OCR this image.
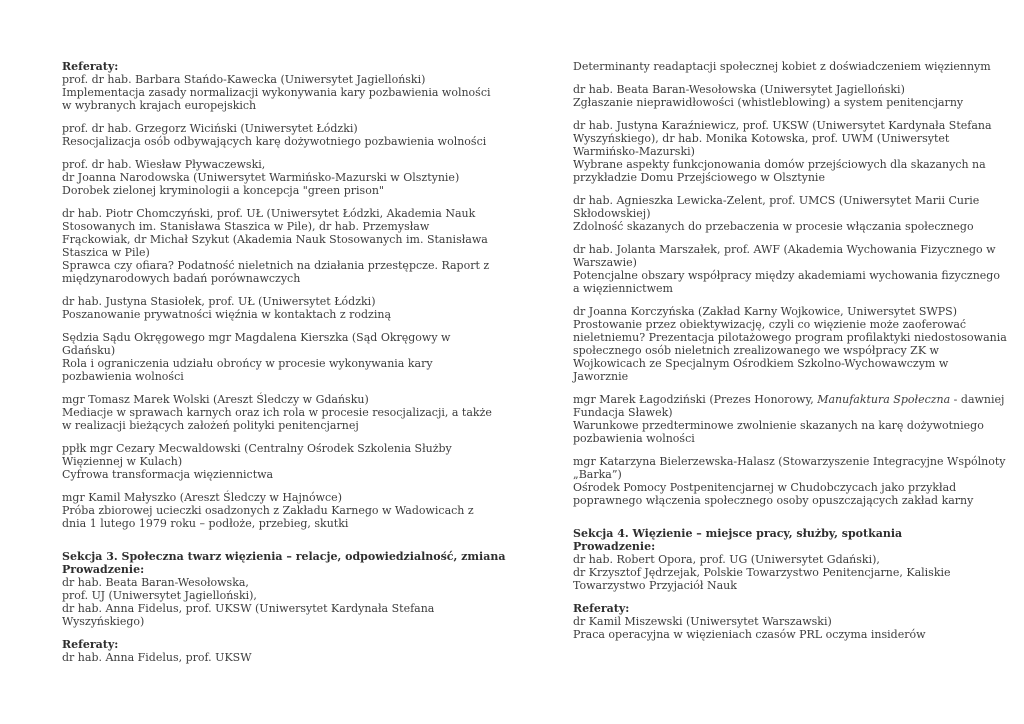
Referaty:
prof. dr hab. Barbara Stańdo-Kawecka (Uniwersytet Jagielloński)
Implementacja zasady normalizacji wykonywania kary pozbawienia wolności
w wybranych krajach europejskich
prof. dr hab. Grzegorz Wiciński (Uniwersytet Łódzki)
Resocjalizacja osób odbywających karę dożywotniego pozbawienia wolności
prof. dr hab. Wiesław Pływaczewski,
dr Joanna Narodowska (Uniwersytet Warmińsko-Mazurski w Olsztynie)
Dorobek zielonej kryminologii a koncepcja "green prison"
dr hab. Piotr Chomczyński, prof. UŁ (Uniwersytet Łódzki, Akademia Nauk
Stosowanych im. Stanisława Staszica w Pile), dr hab. Przemysław
Frąckowiak, dr Michał Szykut (Akademia Nauk Stosowanych im. Stanisława
Staszica w Pile)
Sprawca czy ofiara? Podatność nieletnich na działania przestępcze. Raport z
międzynarodowych badań porównawczych
dr hab. Justyna Stasiołek, prof. UŁ (Uniwersytet Łódzki)
Poszanowanie prywatności więźnia w kontaktach z rodziną
Sędzia Sądu Okręgowego mgr Magdalena Kierszka (Sąd Okręgowy w
Gdańsku)
Rola i ograniczenia udziału obrońcy w procesie wykonywania kary
pozbawienia wolności
mgr Tomasz Marek Wolski (Areszt Śledczy w Gdańsku)
Mediacje w sprawach karnych oraz ich rola w procesie resocjalizacji, a także
w realizacji bieżących założeń polityki penitencjarnej
ppłk mgr Cezary Mecwaldowski (Centralny Ośrodek Szkolenia Służby
Więziennej w Kulach)
Cyfrowa transformacja więziennictwa
mgr Kamil Małyszko (Areszt Śledczy w Hajnówce)
Próba zbiorowej ucieczki osadzonych z Zakładu Karnego w Wadowicach z
dnia 1 lutego 1979 roku – podłoże, przebieg, skutki
Sekcja 3. Społeczna twarz więzienia – relacje, odpowiedzialność, zmiana
Prowadzenie:
dr hab. Beata Baran-Wesołowska,
prof. UJ (Uniwersytet Jagielloński),
dr hab. Anna Fidelus, prof. UKSW (Uniwersytet Kardynała Stefana
Wyszyńskiego)
Referaty:
dr hab. Anna Fidelus, prof. UKSW
Determinanty readaptacji społecznej kobiet z doświadczeniem więziennym
dr hab. Beata Baran-Wesołowska (Uniwersytet Jagielloński)
Zgłaszanie nieprawidłowości (whistleblowing) a system penitencjarny
dr hab. Justyna Karaźniewicz, prof. UKSW (Uniwersytet Kardynała Stefana
Wyszyńskiego), dr hab. Monika Kotowska, prof. UWM (Uniwersytet
Warmińsko-Mazurski)
Wybrane aspekty funkcjonowania domów przejściowych dla skazanych na
przykładzie Domu Przejściowego w Olsztynie
dr hab. Agnieszka Lewicka-Zelent, prof. UMCS (Uniwersytet Marii Curie
Skłodowskiej)
Zdolność skazanych do przebaczenia w procesie włączania społecznego
dr hab. Jolanta Marszałek, prof. AWF (Akademia Wychowania Fizycznego w
Warszawie)
Potencjalne obszary współpracy między akademiami wychowania fizycznego
a więziennictwem
dr Joanna Korczyńska (Zakład Karny Wojkowice, Uniwersytet SWPS)
Prostowanie przez obiektywizację, czyli co więzienie może zaoferować
nieletniemu? Prezentacja pilotażowego program profilaktyki niedostosowania
społecznego osób nieletnich zrealizowanego we współpracy ZK w
Wojkowicach ze Specjalnym Ośrodkiem Szkolno-Wychowawczym w
Jaworznie
mgr Marek Łagodziński (Prezes Honorowy, Manufaktura Społeczna - dawniej
Fundacja Sławek)
Warunkowe przedterminowe zwolnienie skazanych na karę dożywotniego
pozbawienia wolności
mgr Katarzyna Bielerzewska-Halasz (Stowarzyszenie Integracyjne Wspólnoty
„Barka”)
Ośrodek Pomocy Postpenitencjarnej w Chudobczycach jako przykład
poprawnego włączenia społecznego osoby opuszczających zakład karny
Sekcja 4. Więzienie – miejsce pracy, służby, spotkania
Prowadzenie:
dr hab. Robert Opora, prof. UG (Uniwersytet Gdański),
dr Krzysztof Jędrzejak, Polskie Towarzystwo Penitencjarne, Kaliskie
Towarzystwo Przyjaciół Nauk
Referaty:
dr Kamil Miszewski (Uniwersytet Warszawski)
Praca operacyjna w więzieniach czasów PRL oczyma insiderów
